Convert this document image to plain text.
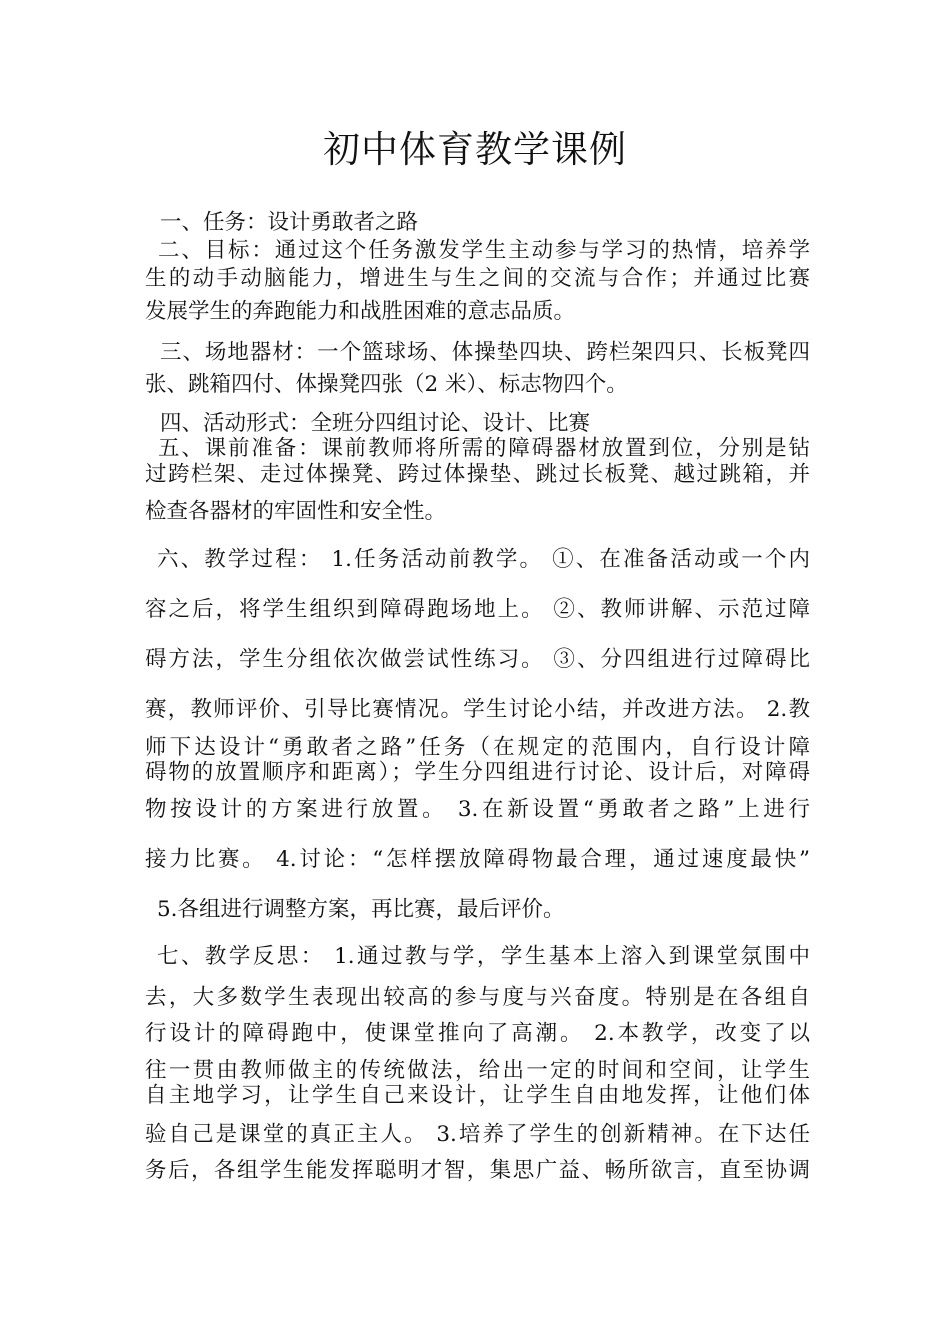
初中体育教学课例
一、任务：设计勇敢者之路
二、目标：通过这个任务激发学生主动参与学习的热情，培养学
生的动手动脑能力，增进生与生之间的交流与合作；并通过比赛
发展学生的奔跑能力和战胜困难的意志品质。
三、场地器材：一个篮球场、体操垫四块、跨栏架四只、长板凳四
张、跳箱四付、体操凳四张（2 米）、标志物四个。
四、活动形式：全班分四组讨论、设计、比赛
五、课前准备：课前教师将所需的障碍器材放置到位，分别是钻
过跨栏架、走过体操凳、跨过体操垫、跳过长板凳、越过跳箱，并
检查各器材的牢固性和安全性。
六、教学过程： 1.任务活动前教学。 ①、在准备活动或一个内
容之后，将学生组织到障碍跑场地上。 ②、教师讲解、示范过障
碍方法，学生分组依次做尝试性练习。 ③、分四组进行过障碍比
赛，教师评价、引导比赛情况。学生讨论小结，并改进方法。 2.教
师下达设计“勇敢者之路”任务（在规定的范围内，自行设计障
碍物的放置顺序和距离）；学生分四组进行讨论、设计后，对障碍
物按设计的方案进行放置。 3.在新设置“勇敢者之路”上进行
接力比赛。 4.讨论：“怎样摆放障碍物最合理，通过速度最快”
5.各组进行调整方案，再比赛，最后评价。
七、教学反思： 1.通过教与学，学生基本上溶入到课堂氛围中
去，大多数学生表现出较高的参与度与兴奋度。特别是在各组自
行设计的障碍跑中，使课堂推向了高潮。 2.本教学，改变了以
往一贯由教师做主的传统做法，给出一定的时间和空间，让学生
自主地学习，让学生自己来设计，让学生自由地发挥，让他们体
验自己是课堂的真正主人。 3.培养了学生的创新精神。在下达任
务后，各组学生能发挥聪明才智，集思广益、畅所欲言，直至协调
